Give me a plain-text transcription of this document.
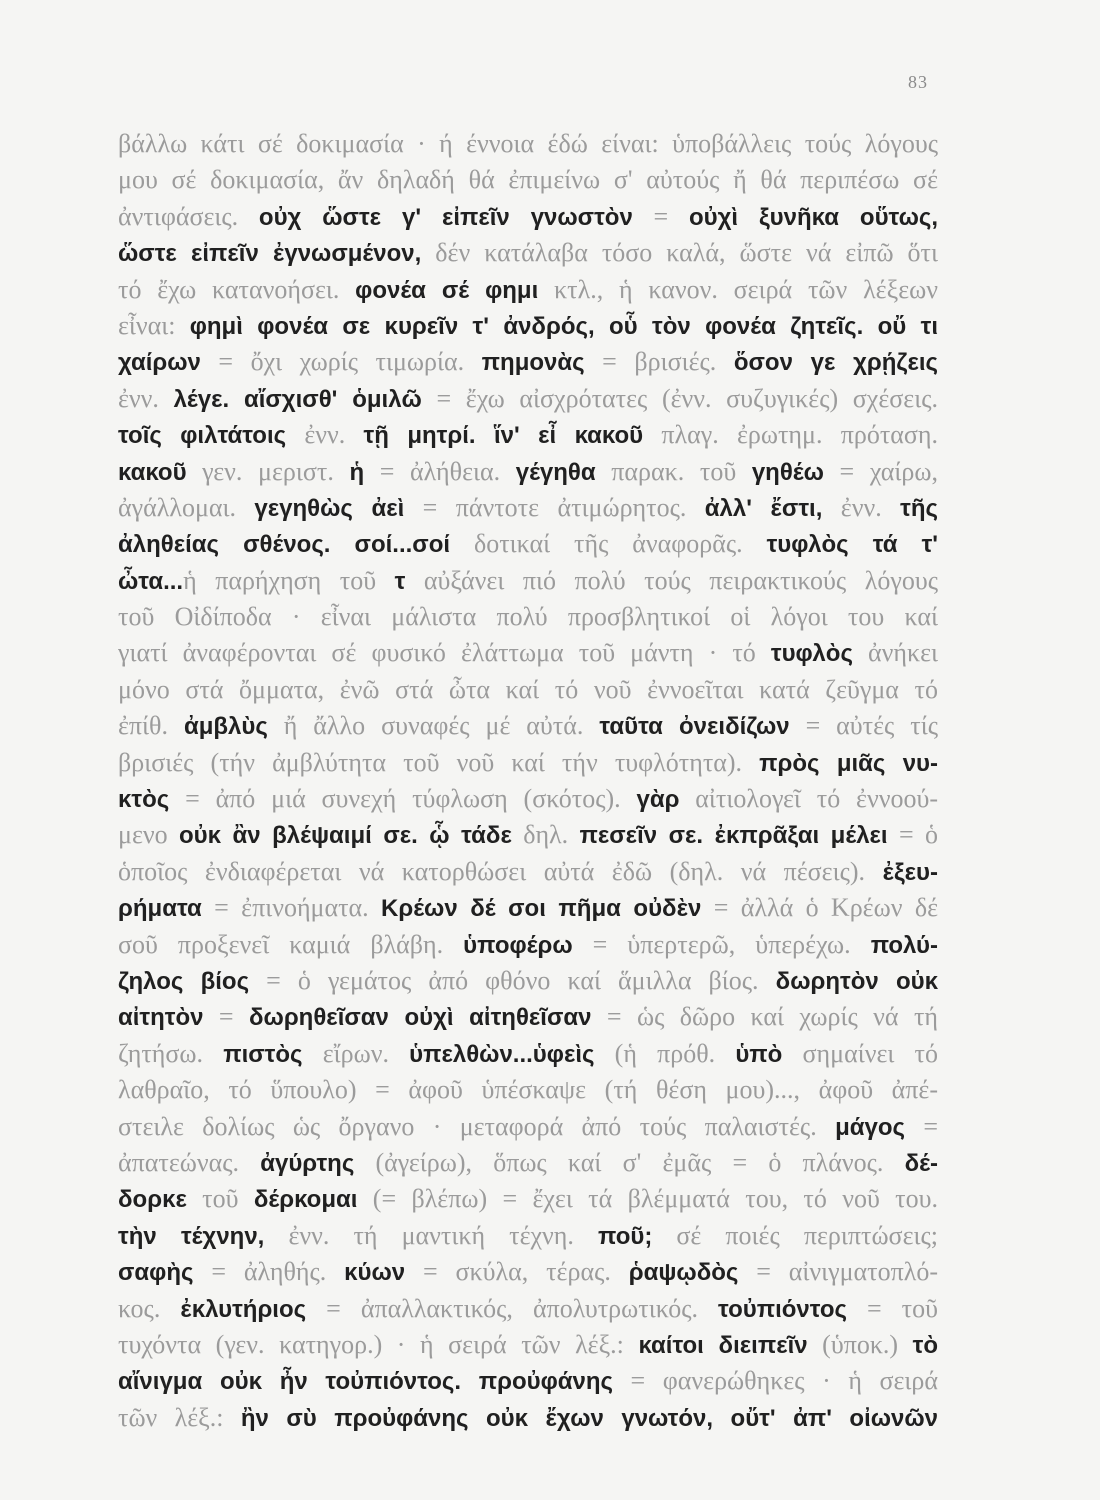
83
βάλλω κάτι σέ δοκιμασία · ή έννοια έδώ είναι: ὑποβάλλεις τούς λόγους
μου σέ δοκιμασία, ἄν δηλαδή θά ἐπιμείνω σ' αὐτούς ἤ θά περιπέσω σέ
ἀντιφάσεις. οὐχ ὥστε γ' εἰπεῖν γνωστὸν = οὐχὶ ξυνῆκα οὕτως,
ὥστε εἰπεῖν ἐγνωσμένον, δέν κατάλαβα τόσο καλά, ὥστε νά εἰπῶ ὅτι
τό ἔχω κατανοήσει. φονέα σέ φημι κτλ., ἡ κανον. σειρά τῶν λέξεων
εἶναι: φημὶ φονέα σε κυρεῖν τ' ἀνδρός, οὗ τὸν φονέα ζητεῖς. οὔ τι
χαίρων = ὄχι χωρίς τιμωρία. πημονὰς = βρισιές. ὅσον γε χρῄζεις
ἐνν. λέγε. αἴσχισθ' ὁμιλῶ = ἔχω αἰσχρότατες (ἐνν. συζυγικές) σχέσεις.
τοῖς φιλτάτοις ἐνν. τῇ μητρί. ἵν' εἶ κακοῦ πλαγ. ἐρωτημ. πρόταση.
κακοῦ γεν. μεριστ. ἡ = ἀλήθεια. γέγηθα παρακ. τοῦ γηθέω = χαίρω,
ἀγάλλομαι. γεγηθὼς ἀεὶ = πάντοτε ἀτιμώρητος. ἀλλ' ἔστι, ἐνν. τῆς
ἀληθείας σθένος. σοί...σοί δοτικαί τῆς ἀναφορᾶς. τυφλὸς τά τ'
ὦτα...ἡ παρήχηση τοῦ τ αὐξάνει πιό πολύ τούς πειρακτικούς λόγους
τοῦ Οἰδίποδα · εἶναι μάλιστα πολύ προσβλητικοί οἱ λόγοι του καί
γιατί ἀναφέρονται σέ φυσικό ἐλάττωμα τοῦ μάντη · τό τυφλὸς ἀνήκει
μόνο στά ὄμματα, ἐνῶ στά ὦτα καί τό νοῦ ἐννοεῖται κατά ζεῦγμα τό
ἐπίθ. ἀμβλὺς ἤ ἄλλο συναφές μέ αὐτά. ταῦτα ὀνειδίζων = αὐτές τίς
βρισιές (τήν ἀμβλύτητα τοῦ νοῦ καί τήν τυφλότητα). πρὸς μιᾶς νυ-
κτὸς = ἀπό μιά συνεχή τύφλωση (σκότος). γὰρ αἰτιολογεῖ τό ἐννοού-
μενο οὐκ ἂν βλέψαιμί σε. ᾧ τάδε δηλ. πεσεῖν σε. ἐκπρᾶξαι μέλει = ὁ
ὁποῖος ἐνδιαφέρεται νά κατορθώσει αὐτά ἐδῶ (δηλ. νά πέσεις). ἐξευ-
ρήματα = ἐπινοήματα. Κρέων δέ σοι πῆμα οὐδὲν = ἀλλά ὁ Κρέων δέ
σοῦ προξενεῖ καμιά βλάβη. ὑποφέρω = ὑπερτερῶ, ὑπερέχω. πολύ-
ζηλος βίος = ὁ γεμάτος ἀπό φθόνο καί ἅμιλλα βίος. δωρητὸν οὐκ
αἰτητὸν = δωρηθεῖσαν οὐχὶ αἰτηθεῖσαν = ὡς δῶρο καί χωρίς νά τή
ζητήσω. πιστὸς εἴρων. ὑπελθὼν...ὑφεὶς (ἡ πρόθ. ὑπὸ σημαίνει τό
λαθραῖο, τό ὕπουλο) = ἀφοῦ ὑπέσκαψε (τή θέση μου)..., ἀφοῦ ἀπέ-
στειλε δολίως ὡς ὄργανο · μεταφορά ἀπό τούς παλαιστές. μάγος =
ἀπατεώνας. ἀγύρτης (ἀγείρω), ὅπως καί σ' ἐμᾶς = ὁ πλάνος. δέ-
δορκε τοῦ δέρκομαι (= βλέπω) = ἔχει τά βλέμματά του, τό νοῦ του.
τὴν τέχνην, ἐνν. τή μαντική τέχνη. ποῦ; σέ ποιές περιπτώσεις;
σαφὴς = ἀληθής. κύων = σκύλα, τέρας. ῥαψῳδὸς = αἰνιγματοπλό-
κος. ἐκλυτήριος = ἀπαλλακτικός, ἀπολυτρωτικός. τοὐπιόντος = τοῦ
τυχόντα (γεν. κατηγορ.) · ἡ σειρά τῶν λέξ.: καίτοι διειπεῖν (ὑποκ.) τὸ
αἴνιγμα οὐκ ἦν τοὐπιόντος. προὐφάνης = φανερώθηκες · ἡ σειρά
τῶν λέξ.: ἢν σὺ προὐφάνης οὐκ ἔχων γνωτόν, οὔτ' ἀπ' οἰωνῶν
